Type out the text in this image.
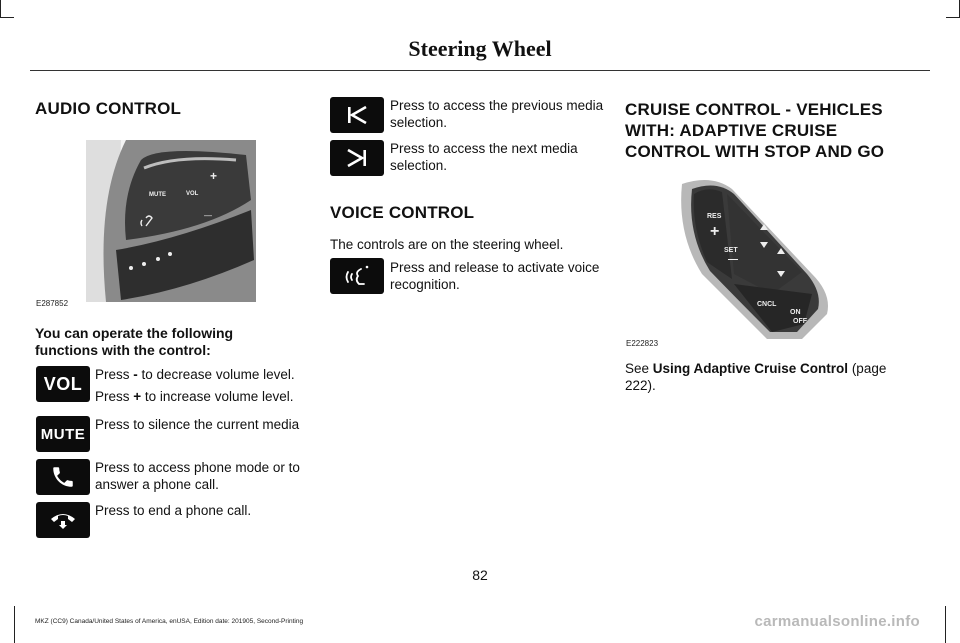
Steering Wheel
AUDIO CONTROL
MUTE	VOL
+
—
E287852
You can operate the following functions with the control:
VOL Press - to decrease volume level.
Press + to increase volume level.
MUTE
Press to silence the current media
Press to access phone mode or to answer a phone call.
Press to end a phone call.
Press to access the previous media selection.
Press to access the next media selection.
VOICE CONTROL
The controls are on the steering wheel.
Press and release to activate voice recognition.
CRUISE CONTROL - VEHICLES
WITH: ADAPTIVE CRUISE
CONTROL WITH STOP AND GO
RES
+
SET
—
CNCL
ON
OFF
E222823
See Using Adaptive Cruise Control (page 222).
82
MKZ (CC9) Canada/United States of America, enUSA, Edition date: 201905, Second-Printing	carmanualsonline.info
